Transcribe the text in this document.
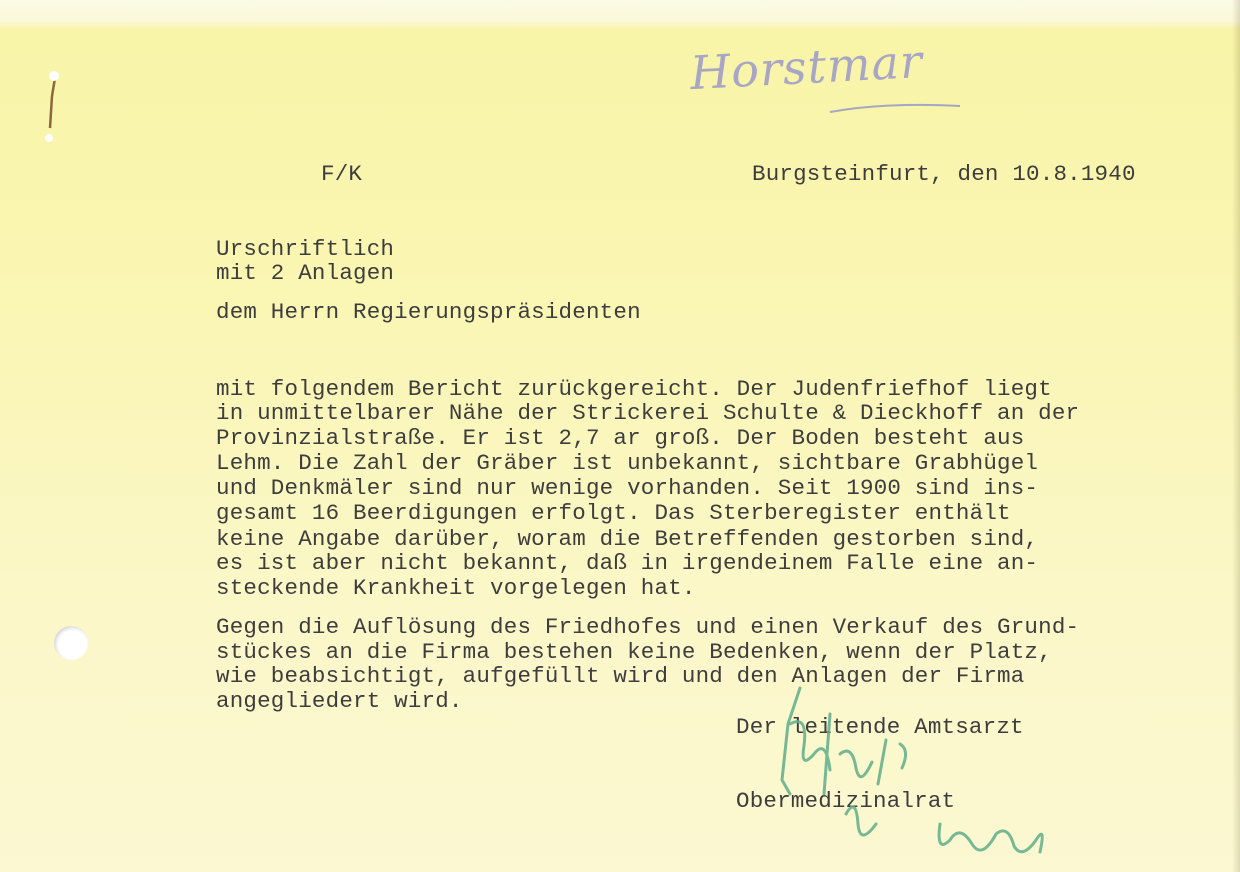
Horstmar
F/K	Burgsteinfurt, den 10.8.1940
Urschriftlich
mit 2 Anlagen
dem Herrn Regierungspräsidenten
mit folgendem Bericht zurückgereicht. Der Judenfriefhof liegt
in unmittelbarer Nähe der Strickerei Schulte & Dieckhoff an der
Provinzialstraße. Er ist 2,7 ar groß. Der Boden besteht aus
Lehm. Die Zahl der Gräber ist unbekannt, sichtbare Grabhügel
und Denkmäler sind nur wenige vorhanden. Seit 1900 sind ins-
gesamt 16 Beerdigungen erfolgt. Das Sterberegister enthält
keine Angabe darüber, woram die Betreffenden gestorben sind,
es ist aber nicht bekannt, daß in irgendeinem Falle eine an-
steckende Krankheit vorgelegen hat.
Gegen die Auflösung des Friedhofes und einen Verkauf des Grund-
stückes an die Firma bestehen keine Bedenken, wenn der Platz,
wie beabsichtigt, aufgefüllt wird und den Anlagen der Firma
angegliedert wird.
Der leitende Amtsarzt
Obermedizinalrat
